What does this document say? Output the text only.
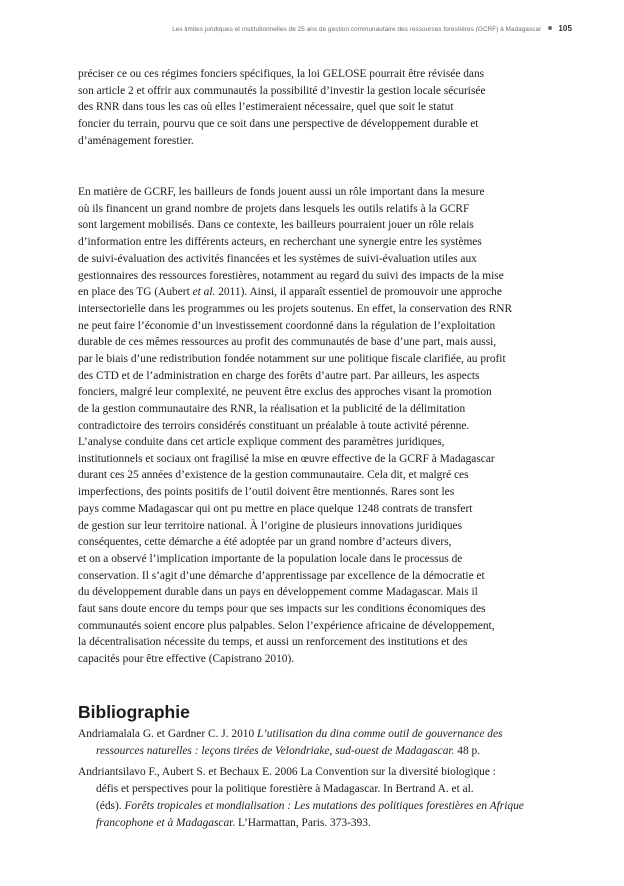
Les limites juridiques et institutionnelles de 25 ans de gestion communautaire des ressources forestières (GCRF) à Madagascar 105
préciser ce ou ces régimes fonciers spécifiques, la loi GELOSE pourrait être révisée dans
son article 2 et offrir aux communautés la possibilité d’investir la gestion locale sécurisée
des RNR dans tous les cas où elles l’estimeraient nécessaire, quel que soit le statut
foncier du terrain, pourvu que ce soit dans une perspective de développement durable et
d’aménagement forestier.
En matière de GCRF, les bailleurs de fonds jouent aussi un rôle important dans la mesure
où ils financent un grand nombre de projets dans lesquels les outils relatifs à la GCRF
sont largement mobilisés. Dans ce contexte, les bailleurs pourraient jouer un rôle relais
d’information entre les différents acteurs, en recherchant une synergie entre les systèmes
de suivi-évaluation des activités financées et les systèmes de suivi-évaluation utiles aux
gestionnaires des ressources forestières, notamment au regard du suivi des impacts de la mise
en place des TG (Aubert et al. 2011). Ainsi, il apparaît essentiel de promouvoir une approche
intersectorielle dans les programmes ou les projets soutenus. En effet, la conservation des RNR
ne peut faire l’économie d’un investissement coordonné dans la régulation de l’exploitation
durable de ces mêmes ressources au profit des communautés de base d’une part, mais aussi,
par le biais d’une redistribution fondée notamment sur une politique fiscale clarifiée, au profit
des CTD et de l’administration en charge des forêts d’autre part. Par ailleurs, les aspects
fonciers, malgré leur complexité, ne peuvent être exclus des approches visant la promotion
de la gestion communautaire des RNR, la réalisation et la publicité de la délimitation
contradictoire des terroirs considérés constituant un préalable à toute activité pérenne.
L’analyse conduite dans cet article explique comment des paramètres juridiques,
institutionnels et sociaux ont fragilisé la mise en œuvre effective de la GCRF à Madagascar
durant ces 25 années d’existence de la gestion communautaire. Cela dit, et malgré ces
imperfections, des points positifs de l’outil doivent être mentionnés. Rares sont les
pays comme Madagascar qui ont pu mettre en place quelque 1248 contrats de transfert
de gestion sur leur territoire national. À l’origine de plusieurs innovations juridiques
conséquentes, cette démarche a été adoptée par un grand nombre d’acteurs divers,
et on a observé l’implication importante de la population locale dans le processus de
conservation. Il s’agit d’une démarche d’apprentissage par excellence de la démocratie et
du développement durable dans un pays en développement comme Madagascar. Mais il
faut sans doute encore du temps pour que ses impacts sur les conditions économiques des
communautés soient encore plus palpables. Selon l’expérience africaine de développement,
la décentralisation nécessite du temps, et aussi un renforcement des institutions et des
capacités pour être effective (Capistrano 2010).
Bibliographie
Andriamalala G. et Gardner C. J. 2010 L’utilisation du dina comme outil de gouvernance des
ressources naturelles : leçons tirées de Velondriake, sud-ouest de Madagascar. 48 p.
Andriantsilavo F., Aubert S. et Bechaux E. 2006 La Convention sur la diversité biologique :
défis et perspectives pour la politique forestière à Madagascar. In Bertrand A. et al.
(éds). Forêts tropicales et mondialisation : Les mutations des politiques forestières en Afrique
francophone et à Madagascar. L’Harmattan, Paris. 373-393.
